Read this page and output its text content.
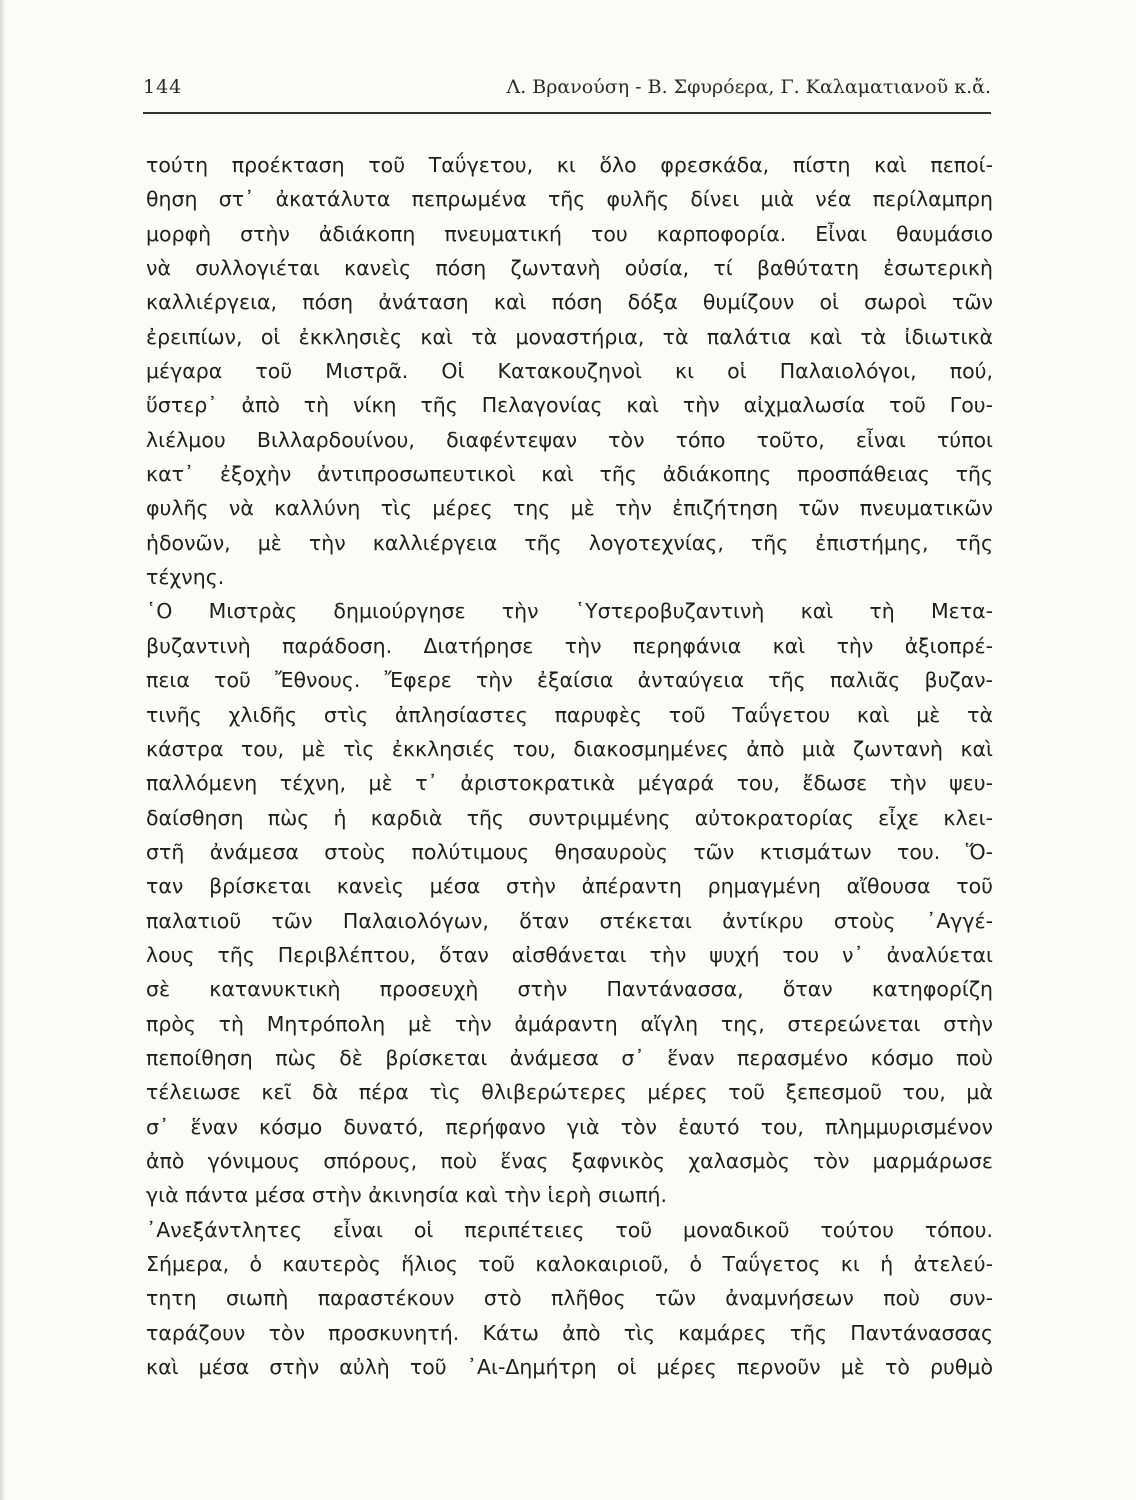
144	Λ. Βρανούση - Β. Σφυρόερα, Γ. Καλαματιανοῦ κ.ἄ.
τούτη προέκταση τοῦ Ταΰγετου, κι ὅλο φρεσκάδα, πίστη καὶ πεποί-
θηση στ᾽ ἀκατάλυτα πεπρωμένα τῆς φυλῆς δίνει μιὰ νέα περίλαμπρη
μορφὴ στὴν ἀδιάκοπη πνευματική του καρποφορία. Εἶναι θαυμάσιο
νὰ συλλογιέται κανεὶς πόση ζωντανὴ οὐσία, τί βαθύτατη ἐσωτερικὴ
καλλιέργεια, πόση ἀνάταση καὶ πόση δόξα θυμίζουν οἱ σωροὶ τῶν
ἐρειπίων, οἱ ἐκκλησιὲς καὶ τὰ μοναστήρια, τὰ παλάτια καὶ τὰ ἰδιωτικὰ
μέγαρα τοῦ Μιστρᾶ. Οἱ Κατακουζηνοὶ κι οἱ Παλαιολόγοι, πού,
ὕστερ᾽ ἀπὸ τὴ νίκη τῆς Πελαγονίας καὶ τὴν αἰχμαλωσία τοῦ Γου-
λιέλμου Βιλλαρδουίνου, διαφέντεψαν τὸν τόπο τοῦτο, εἶναι τύποι
κατ᾽ ἐξοχὴν ἀντιπροσωπευτικοὶ καὶ τῆς ἀδιάκοπης προσπάθειας τῆς
φυλῆς νὰ καλλύνη τὶς μέρες της μὲ τὴν ἐπιζήτηση τῶν πνευματικῶν
ἡδονῶν, μὲ τὴν καλλιέργεια τῆς λογοτεχνίας, τῆς ἐπιστήμης, τῆς
τέχνης.
῾Ο Μιστρὰς δημιούργησε τὴν ῾Υστεροβυζαντινὴ καὶ τὴ Μετα-
βυζαντινὴ παράδοση. Διατήρησε τὴν περηφάνια καὶ τὴν ἀξιοπρέ-
πεια τοῦ Ἔθνους. Ἔφερε τὴν ἐξαίσια ἀνταύγεια τῆς παλιᾶς βυζαν-
τινῆς χλιδῆς στὶς ἀπλησίαστες παρυφὲς τοῦ Ταΰγετου καὶ μὲ τὰ
κάστρα του, μὲ τὶς ἐκκλησιές του, διακοσμημένες ἀπὸ μιὰ ζωντανὴ καὶ
παλλόμενη τέχνη, μὲ τ᾽ ἀριστοκρατικὰ μέγαρά του, ἔδωσε τὴν ψευ-
δαίσθηση πὼς ἡ καρδιὰ τῆς συντριμμένης αὐτοκρατορίας εἶχε κλει-
στῆ ἀνάμεσα στοὺς πολύτιμους θησαυροὺς τῶν κτισμάτων του. Ὅ-
ταν βρίσκεται κανεὶς μέσα στὴν ἀπέραντη ρημαγμένη αἴθουσα τοῦ
παλατιοῦ τῶν Παλαιολόγων, ὅταν στέκεται ἀντίκρυ στοὺς ᾽Αγγέ-
λους τῆς Περιβλέπτου, ὅταν αἰσθάνεται τὴν ψυχή του ν᾽ ἀναλύεται
σὲ κατανυκτικὴ προσευχὴ στὴν Παντάνασσα, ὅταν κατηφορίζη
πρὸς τὴ Μητρόπολη μὲ τὴν ἀμάραντη αἴγλη της, στερεώνεται στὴν
πεποίθηση πὼς δὲ βρίσκεται ἀνάμεσα σ᾽ ἕναν περασμένο κόσμο ποὺ
τέλειωσε κεῖ δὰ πέρα τὶς θλιβερώτερες μέρες τοῦ ξεπεσμοῦ του, μὰ
σ᾽ ἕναν κόσμο δυνατό, περήφανο γιὰ τὸν ἑαυτό του, πλημμυρισμένον
ἀπὸ γόνιμους σπόρους, ποὺ ἕνας ξαφνικὸς χαλασμὸς τὸν μαρμάρωσε
γιὰ πάντα μέσα στὴν ἀκινησία καὶ τὴν ἱερὴ σιωπή.
᾽Ανεξάντλητες εἶναι οἱ περιπέτειες τοῦ μοναδικοῦ τούτου τόπου.
Σήμερα, ὁ καυτερὸς ἥλιος τοῦ καλοκαιριοῦ, ὁ Ταΰγετος κι ἡ ἀτελεύ-
τητη σιωπὴ παραστέκουν στὸ πλῆθος τῶν ἀναμνήσεων ποὺ συν-
ταράζουν τὸν προσκυνητή. Κάτω ἀπὸ τὶς καμάρες τῆς Παντάνασσας
καὶ μέσα στὴν αὐλὴ τοῦ ᾽Αι-Δημήτρη οἱ μέρες περνοῦν μὲ τὸ ρυθμὸ
